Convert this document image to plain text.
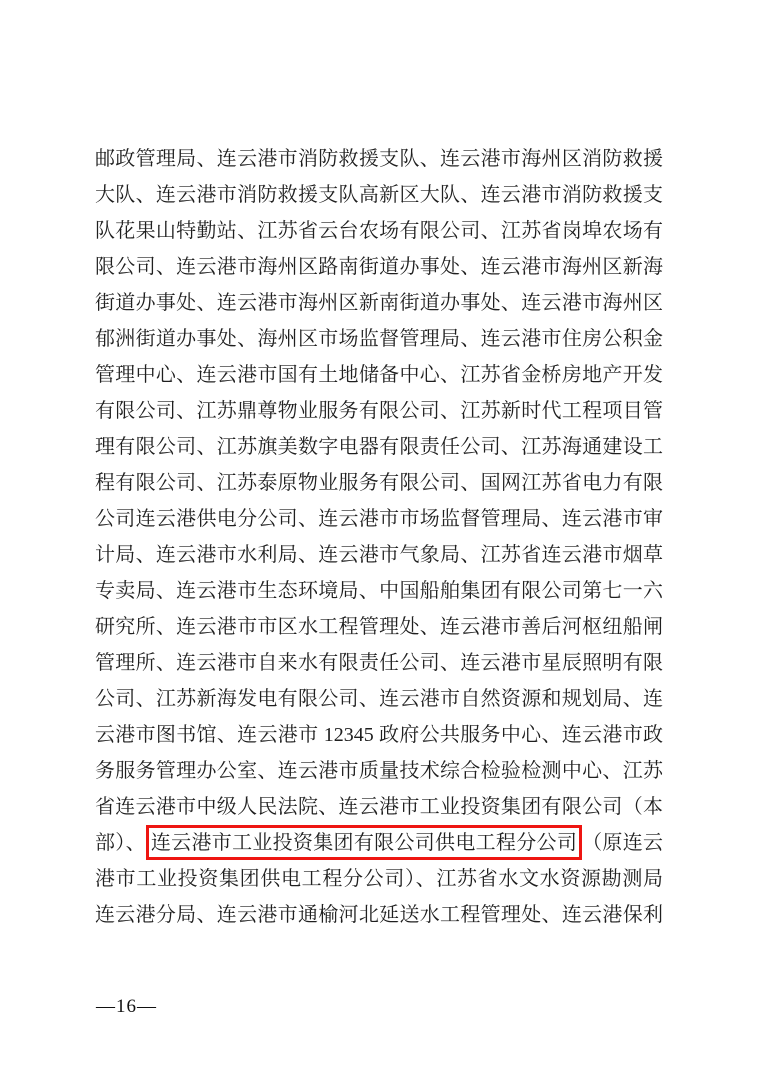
邮政管理局、连云港市消防救援支队、连云港市海州区消防救援
大队、连云港市消防救援支队高新区大队、连云港市消防救援支
队花果山特勤站、江苏省云台农场有限公司、江苏省岗埠农场有
限公司、连云港市海州区路南街道办事处、连云港市海州区新海
街道办事处、连云港市海州区新南街道办事处、连云港市海州区
郁洲街道办事处、海州区市场监督管理局、连云港市住房公积金
管理中心、连云港市国有土地储备中心、江苏省金桥房地产开发
有限公司、江苏鼎尊物业服务有限公司、江苏新时代工程项目管
理有限公司、江苏旗美数字电器有限责任公司、江苏海通建设工
程有限公司、江苏泰原物业服务有限公司、国网江苏省电力有限
公司连云港供电分公司、连云港市市场监督管理局、连云港市审
计局、连云港市水利局、连云港市气象局、江苏省连云港市烟草
专卖局、连云港市生态环境局、中国船舶集团有限公司第七一六
研究所、连云港市市区水工程管理处、连云港市善后河枢纽船闸
管理所、连云港市自来水有限责任公司、连云港市星辰照明有限
公司、江苏新海发电有限公司、连云港市自然资源和规划局、连
云港市图书馆、连云港市 12345 政府公共服务中心、连云港市政
务服务管理办公室、连云港市质量技术综合检验检测中心、江苏
省连云港市中级人民法院、连云港市工业投资集团有限公司（本
部）、 连云港市工业投资集团有限公司供电工程分公司 （原连云
港市工业投资集团供电工程分公司）、江苏省水文水资源勘测局
连云港分局、连云港市通榆河北延送水工程管理处、连云港保利
—16—
